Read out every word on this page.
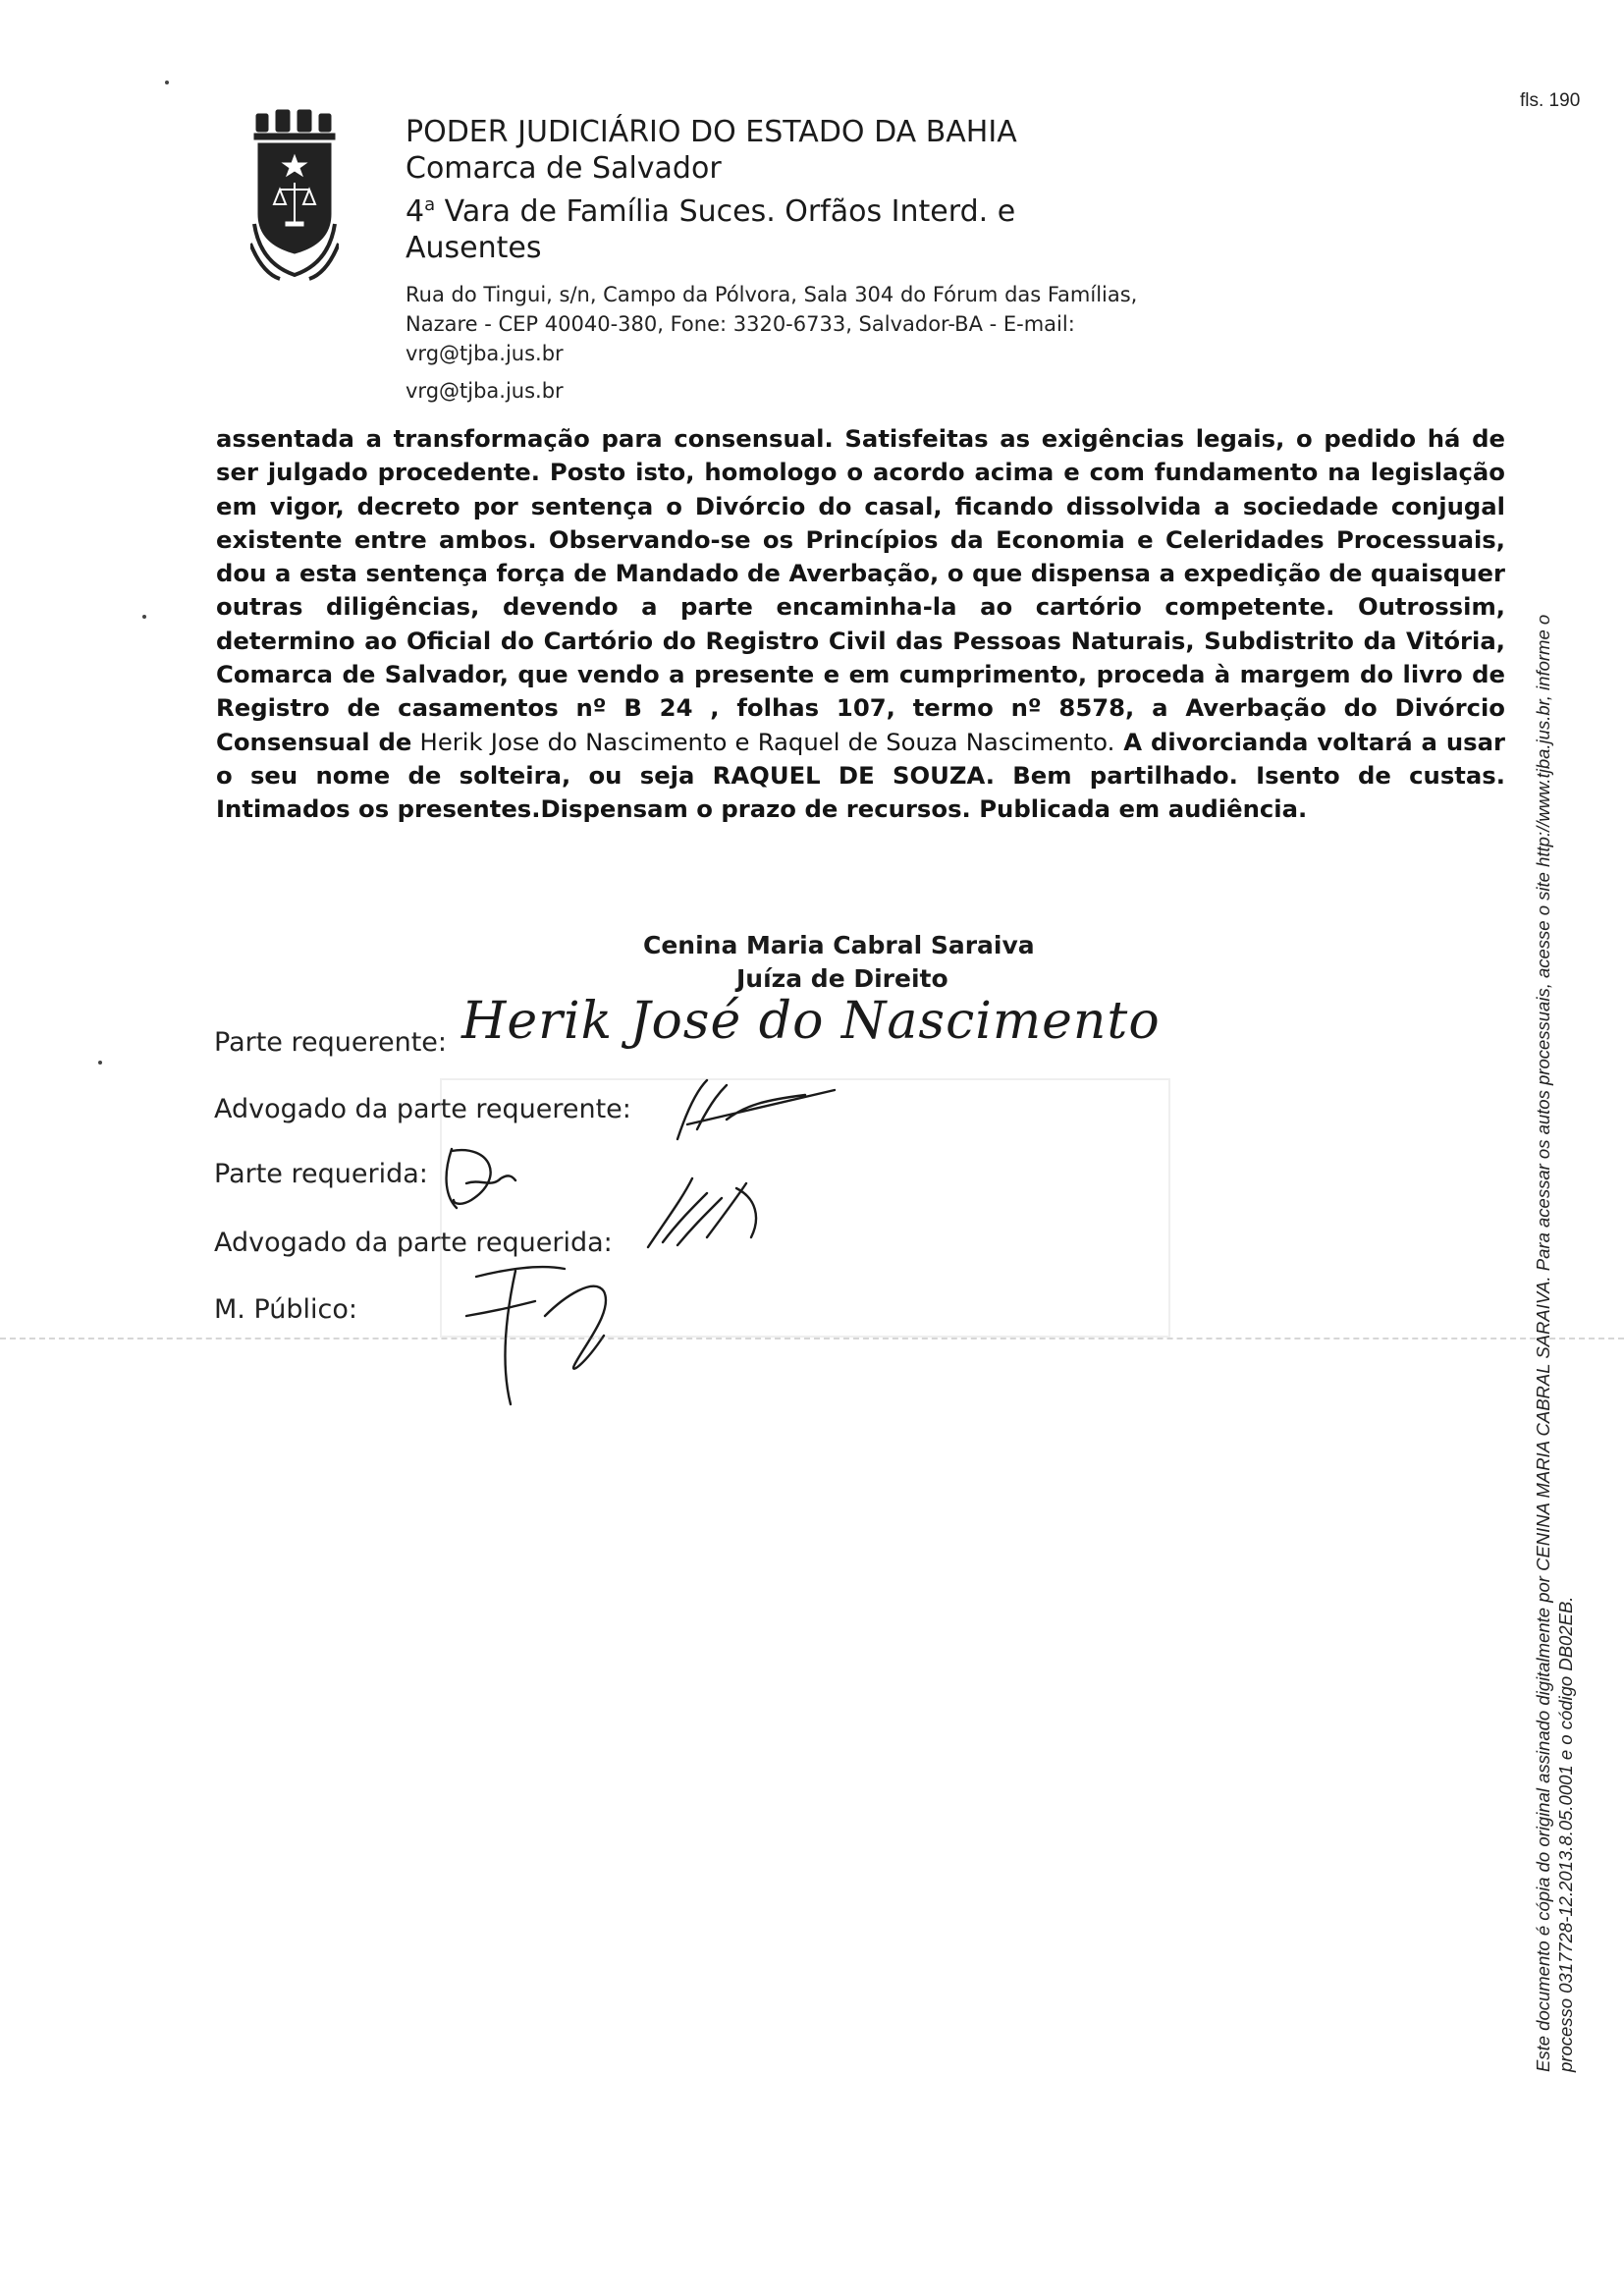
fls. 190
PODER JUDICIÁRIO DO ESTADO DA BAHIA
Comarca de Salvador
4$^a$ Vara de Família Suces. Orfãos Interd. e
Ausentes
Rua do Tingui, s/n, Campo da Pólvora, Sala 304 do Fórum das Famílias, Nazare - CEP 40040-380, Fone: 3320-6733, Salvador-BA - E-mail: vrg@tjba.jus.br
vrg@tjba.jus.br
assentada a transformação para consensual. Satisfeitas as exigências legais, o pedido há de ser julgado procedente. Posto isto, homologo o acordo acima e com fundamento na legislação em vigor, decreto por sentença o Divórcio do casal, ficando dissolvida a sociedade conjugal existente entre ambos. Observando-se os Princípios da Economia e Celeridades Processuais, dou a esta sentença força de Mandado de Averbação, o que dispensa a expedição de quaisquer outras diligências, devendo a parte encaminha-la ao cartório competente. Outrossim, determino ao Oficial do Cartório do Registro Civil das Pessoas Naturais, Subdistrito da Vitória, Comarca de Salvador, que vendo a presente e em cumprimento, proceda à margem do livro de Registro de casamentos nº B 24 , folhas 107, termo nº 8578, a Averbação do Divórcio Consensual de Herik Jose do Nascimento e Raquel de Souza Nascimento. A divorcianda voltará a usar o seu nome de solteira, ou seja RAQUEL DE SOUZA. Bem partilhado. Isento de custas. Intimados os presentes.Dispensam o prazo de recursos. Publicada em audiência.
Cenina Maria Cabral Saraiva
Juíza de Direito
Parte requerente:
Advogado da parte requerente:
Parte requerida:
Advogado da parte requerida:
M. Público:
Herik José do Nascimento	Este documento é cópia do original assinado digitalmente por CENINA MARIA CABRAL SARAIVA. Para acessar os autos processuais, acesse o site http://www.tjba.jus.br, informe o processo 0317728-12.2013.8.05.0001 e o código DB02EB.
